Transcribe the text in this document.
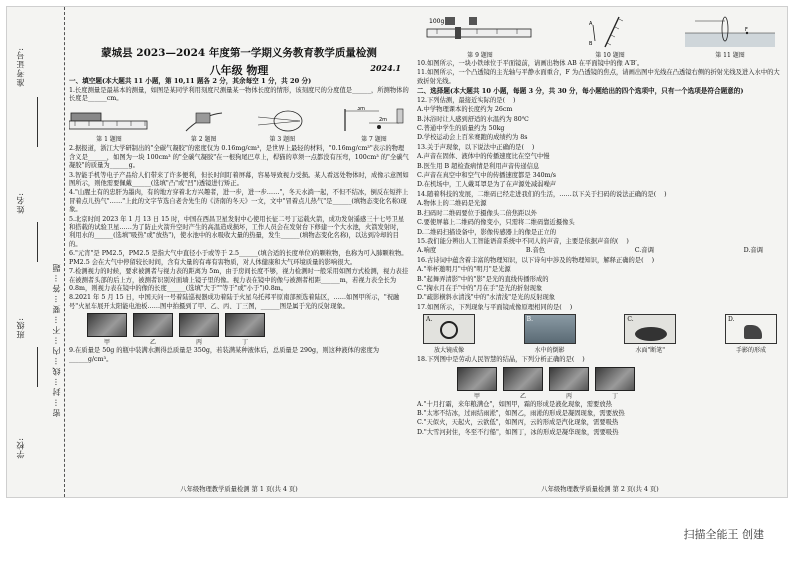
准考证号:
姓名:
班级:
学校:
密 ··· 封 ··· 线 ··· 内 ··· 不 ··· 要 ··· 答 ··· 题
蒙城县 2023—2024 年度第一学期义务教育教学质量检测
八年级 物理	2024.1
一、填空题(本大题共 11 小题，第 10,11 题各 2 分，其余每空 1 分，共 20 分)
1.长度测量是最基本的测量，如图是某同学利用刻度尺测量某一物体长度的情形，该刻度尺的分度值是______，所测物体的长度是______cm。
第 1 题图	第 2 题图	第 3 题图
3m
2m
第 7 题图
2.据报道，浙江大学研制出的"全碳气凝胶"的密度仅为 0.16mg/cm³，是世界上最轻的材料，"0.16mg/cm³"表示的物理含义是______，如图为一块 100cm³ 的"全碳气凝胶"在一根狗尾巴草上，桿猫的草须一点都没有压弯，100cm³ 的"全碳气凝胶"的质量为______g。
3.智能手机等电子产品给人们带来了许多便利，但长时间盯着屏幕，容易导致视力受损。某人看远处物体时，成像示意图如图所示，则他需要佩戴______(选填"凸"或"凹")透镜进行矫正。
4."山腥土有的忠肝为墨肉，有的地方穿着北方兴趣者，进一步，进一步……"，冬天水淌一起，不但不结冰，倒反在短拌上冒着点儿热气"……"上此的文字节选自老舍先生的《济南的冬天》一文，文中"冒着点儿热气"是______(填物态变化名称)现象。
5.北京时间 2023 年 1 月 13 日 15 时，中国在西昌卫星发射中心使用长征二号丁运载火箭，成功发射遥感三十七号卫星和搭载的试验卫星……为了防止火箭升空时产生的高温造成损坏，工作人员会在发射台下修建一个大水池，火箭发射时，利用水的______(选填"吸热"或"放热")，使水池中的水吸收大量的热量，发生______(填物态变化名称)，以达到冷却的目的。
6."元宵"是 PM2.5，PM2.5 是指大气中直径小于或等于 2.5______(填合适的长度单位)的颗粒物，也称为可入肺颗粒物。PM2.5 会在大气中停留较长时间，含有大量的有毒有害物质，对人体健康和大气环境质量的影响很大。
7.检测视力的时候，要求被测者与视力表的距离为 5m，由于房间长度不够，视力检测时一般采用如图方式检测，视力表挂在被测者头部的后上方，被测者识别对面墙上镜子里的像。视力表在镜中的像与被测者相距______m，若视力表全长为 0.8m，则视力表在镜中的像的长度______(选填"大于""等于"或"小于")0.8m。
8.2021 年 5 月 15 日，中国天问一号着陆巡视器成功着陆于火星乌托邦平原南部预选着陆区，……如图甲所示，"祝融号"火星车展开太阳能电池板……图中拍摄到了甲、乙、丙、丁三图，______图是属于光的反射现象。
甲	乙	丙	丁
9.在质量是 50g 的瓶中装满水测得总质量是 350g，若装满某种液体后，总质量是 290g，则这种液体的密度为______g/cm³。
八年级物理教学质量检测 第 1 页(共 4 页)
100g
第 9 题图
A
B
第 10 题图
F
第 11 题图
10.如图所示，一块小铁球位于平面镜前，请画出物体 AB 在平面镜中的像 A′B′。
11.如图所示，一个凸透镜的主光轴与平静水面重合，F 为凸透镜的焦点，请画出图中光线在凸透镜右侧的折射光线及进入水中的大致折射光线。
二、选择题(本大题共 10 小题，每题 3 分，共 30 分，每小题给出的四个选项中，只有一个选项是符合题意的)
12.下列估测，最接近实际的是(    )
A.中学物理课本的长度约为 26cm
B.沐浴时让人感到舒适的水温约为 80℃
C.普通中学生的质量约为 50kg
D.学校运动会上百米赛跑的成绩约为 8s
13.关于声现象，以下说法中正确的是(    )
A.声音在固体、液体中的传播速度比在空气中慢
B.医生用 B 超检查病情是利用声音传递信息
C.声音在真空中和空气中的传播速度都是 340m/s
D.在机场中，工人戴耳罩是为了在声源处减弱噪声
14.随着科技的发展，二维码已经走进我们的生活，……以下关于扫码的说法正确的是(    )
A.物体上的二维码是光源
B.扫码时二维码要位于摄像头二倍焦距以外
C.要使屏幕上二维码的像变小，只需将二维码靠近摄像头
D.二维码扫描设备中，影像传感器上的像是正立的
15.我们能分辨出人工智能语音系统中不同人的声音，主要是依据声音的(    )
A.响度	B.音色	C.音调	D.音调
16.古诗词中蕴含着丰富的物理知识，以下诗句中涉及的物理知识，解释正确的是(    )
A."举杯邀明月"中的"明月"是光源
B."起舞弄清影"中的"影"是光的直线传播形成的
C."掬水月在手"中的"月在手"是光的折射现象
D."疏影横斜水清浅"中的"水清浅"是光的反射现象
17.如图所示，下列现象与平面镜成像原理相同的是(    )
A.
放大镜成像
B.
水中的倒影
C.
水面"断笔"
D.
手影的形成
18.下列图中是劳动人民智慧的结晶，下列分析正确的是(    )
甲	乙	丙	丁
A."十月打霜，来年粮满仓"，如图甲，霜的形成是液化现象，需要放热
B."太寒不结冰，过雨结雨淞"，如图乙，雨淞的形成是凝固现象，需要放热
C."天似火，天起火，云欲低"，如图丙，云的形成是汽化现象，需要吸热
D."大雪河封住，冬至不行船"，如图丁，冰的形成是凝华现象，需要吸热
八年级物理教学质量检测 第 2 页(共 4 页)
扫描全能王 创建
